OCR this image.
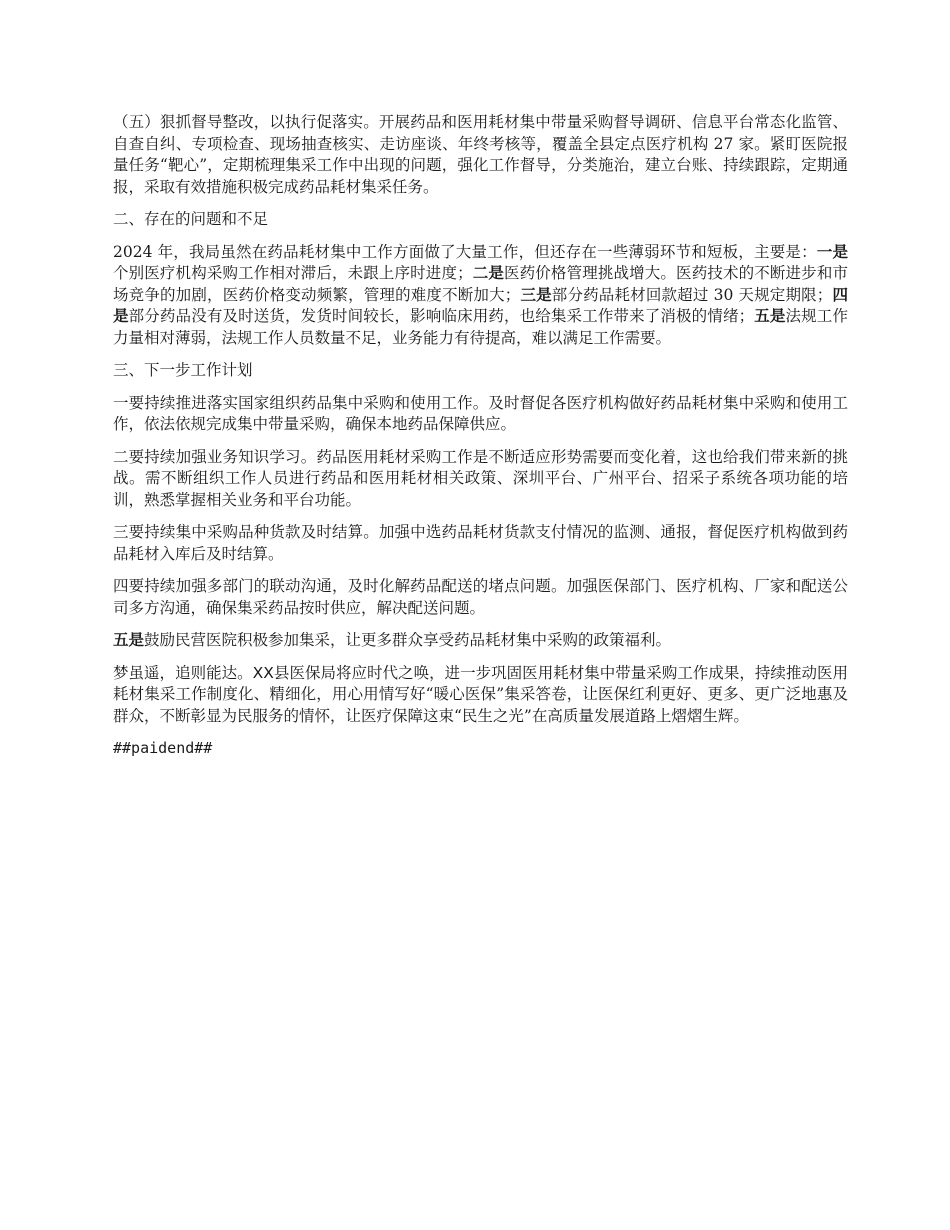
（五）狠抓督导整改，以执行促落实。开展药品和医用耗材集中带量采购督导调研、信息平台常态化监管、自查自纠、专项检查、现场抽查核实、走访座谈、年终考核等，覆盖全县定点医疗机构 27 家。紧盯医院报量任务“靶心”，定期梳理集采工作中出现的问题，强化工作督导，分类施治，建立台账、持续跟踪，定期通报，采取有效措施积极完成药品耗材集采任务。

二、存在的问题和不足

2024 年，我局虽然在药品耗材集中工作方面做了大量工作，但还存在一些薄弱环节和短板，主要是：一是个别医疗机构采购工作相对滞后，未跟上序时进度；二是医药价格管理挑战增大。医药技术的不断进步和市场竞争的加剧，医药价格变动频繁，管理的难度不断加大；三是部分药品耗材回款超过 30 天规定期限；四是部分药品没有及时送货，发货时间较长，影响临床用药，也给集采工作带来了消极的情绪；五是法规工作力量相对薄弱，法规工作人员数量不足，业务能力有待提高，难以满足工作需要。

三、下一步工作计划

一要持续推进落实国家组织药品集中采购和使用工作。及时督促各医疗机构做好药品耗材集中采购和使用工作，依法依规完成集中带量采购，确保本地药品保障供应。

二要持续加强业务知识学习。药品医用耗材采购工作是不断适应形势需要而变化着，这也给我们带来新的挑战。需不断组织工作人员进行药品和医用耗材相关政策、深圳平台、广州平台、招采子系统各项功能的培训，熟悉掌握相关业务和平台功能。

三要持续集中采购品种货款及时结算。加强中选药品耗材货款支付情况的监测、通报，督促医疗机构做到药品耗材入库后及时结算。

四要持续加强多部门的联动沟通，及时化解药品配送的堵点问题。加强医保部门、医疗机构、厂家和配送公司多方沟通，确保集采药品按时供应，解决配送问题。

五是鼓励民营医院积极参加集采，让更多群众享受药品耗材集中采购的政策福利。

梦虽遥，追则能达。XX县医保局将应时代之唤，进一步巩固医用耗材集中带量采购工作成果，持续推动医用耗材集采工作制度化、精细化，用心用情写好“暖心医保”集采答卷，让医保红利更好、更多、更广泛地惠及群众，不断彰显为民服务的情怀，让医疗保障这束“民生之光”在高质量发展道路上熠熠生辉。

##paidend##
